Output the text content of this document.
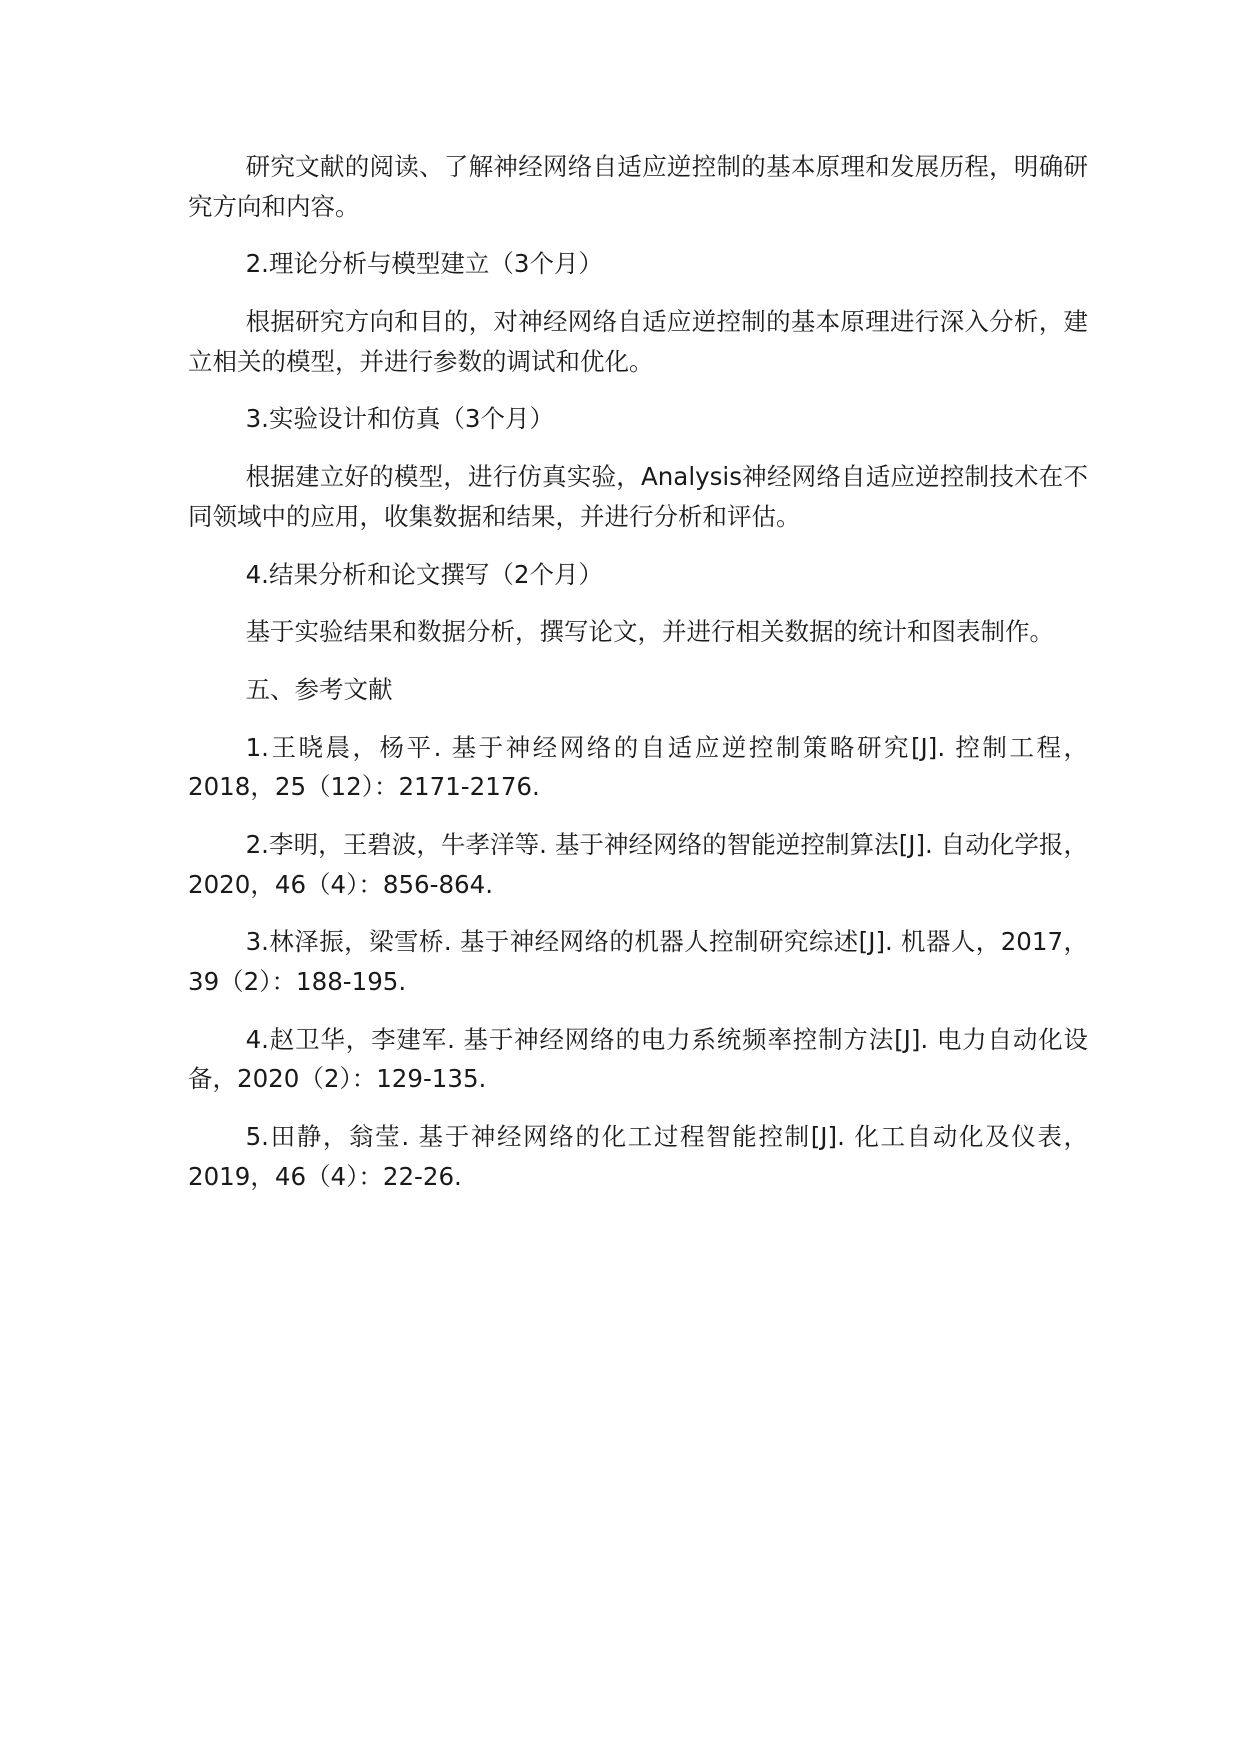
研究文献的阅读、了解神经网络自适应逆控制的基本原理和发展历程，明确研究方向和内容。

2.理论分析与模型建立（3个月）

根据研究方向和目的，对神经网络自适应逆控制的基本原理进行深入分析，建立相关的模型，并进行参数的调试和优化。

3.实验设计和仿真（3个月）

根据建立好的模型，进行仿真实验，Analysis神经网络自适应逆控制技术在不同领域中的应用，收集数据和结果，并进行分析和评估。

4.结果分析和论文撰写（2个月）

基于实验结果和数据分析，撰写论文，并进行相关数据的统计和图表制作。

五、参考文献

1.王晓晨，杨平. 基于神经网络的自适应逆控制策略研究[J]. 控制工程，2018，25（12）：2171-2176.

2.李明，王碧波，牛孝洋等. 基于神经网络的智能逆控制算法[J]. 自动化学报，2020，46（4）：856-864.

3.林泽振，梁雪桥. 基于神经网络的机器人控制研究综述[J]. 机器人，2017，39（2）：188-195.

4.赵卫华，李建军. 基于神经网络的电力系统频率控制方法[J]. 电力自动化设备，2020（2）：129-135.

5.田静，翁莹. 基于神经网络的化工过程智能控制[J]. 化工自动化及仪表，2019，46（4）：22-26.
